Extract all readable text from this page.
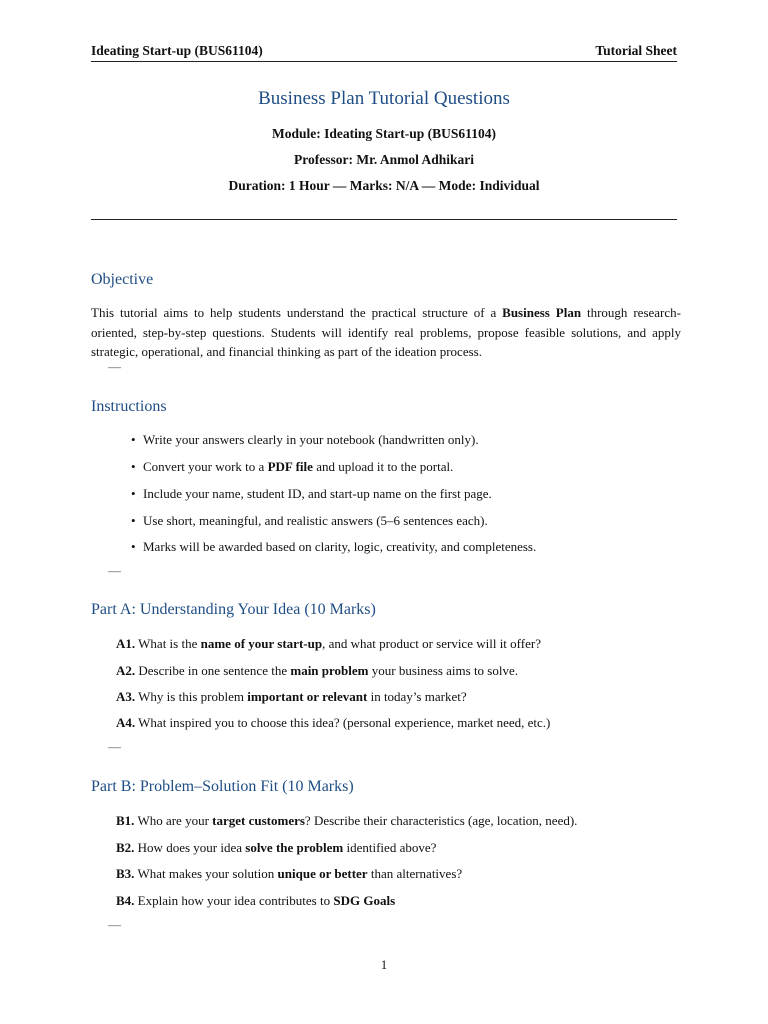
Ideating Start-up (BUS61104)	Tutorial Sheet
Business Plan Tutorial Questions
Module: Ideating Start-up (BUS61104)
Professor: Mr. Anmol Adhikari
Duration: 1 Hour — Marks: N/A — Mode: Individual
Objective
This tutorial aims to help students understand the practical structure of a Business Plan through research-oriented, step-by-step questions. Students will identify real problems, propose feasible solutions, and apply strategic, operational, and financial thinking as part of the ideation process.
—
Instructions
• Write your answers clearly in your notebook (handwritten only).
• Convert your work to a PDF file and upload it to the portal.
• Include your name, student ID, and start-up name on the first page.
• Use short, meaningful, and realistic answers (5–6 sentences each).
• Marks will be awarded based on clarity, logic, creativity, and completeness.
—
Part A: Understanding Your Idea (10 Marks)
A1. What is the name of your start-up, and what product or service will it offer?
A2. Describe in one sentence the main problem your business aims to solve.
A3. Why is this problem important or relevant in today’s market?
A4. What inspired you to choose this idea? (personal experience, market need, etc.)
—
Part B: Problem–Solution Fit (10 Marks)
B1. Who are your target customers? Describe their characteristics (age, location, need).
B2. How does your idea solve the problem identified above?
B3. What makes your solution unique or better than alternatives?
B4. Explain how your idea contributes to SDG Goals
—
1
